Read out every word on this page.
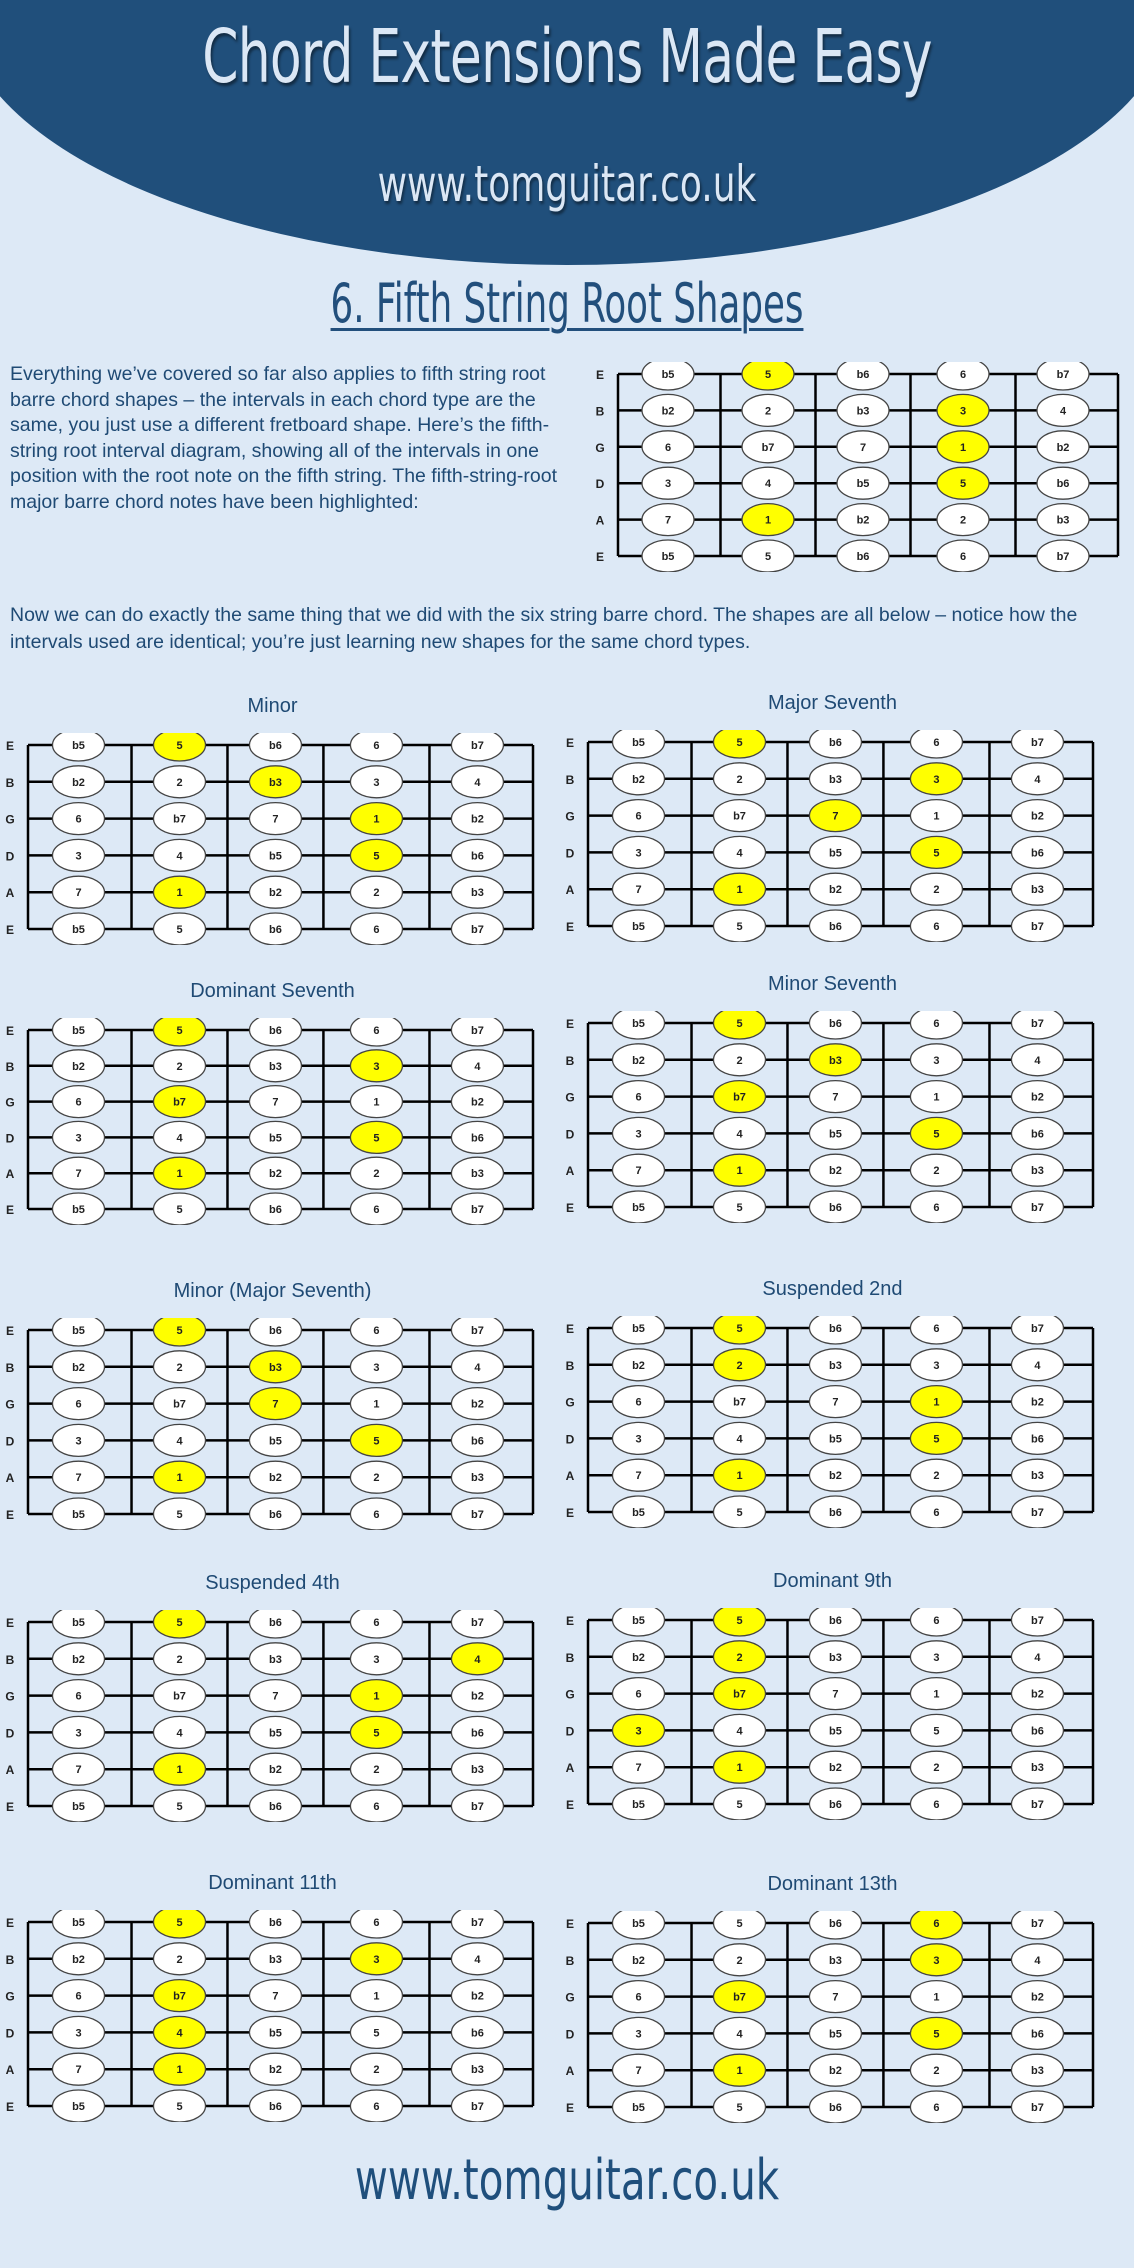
Chord Extensions Made Easy
www.tomguitar.co.uk
6. Fifth String Root Shapes
Everything we’ve covered so far also applies to fifth string root barre chord shapes – the intervals in each chord type are the same, you just use a different fretboard shape. Here’s the fifth-string root interval diagram, showing all of the intervals in one position with the root note on the fifth string. The fifth-string-root major barre chord notes have been highlighted:
Now we can do exactly the same thing that we did with the six string barre chord. The shapes are all below – notice how the intervals used are identical; you’re just learning new shapes for the same chord types.
E
B
G
D
A
E
b5	5	b6	6	b7
b2	2	b3	3	4
6	b7	7	1	b2
3	4	b5	5	b6
7	1	b2	2	b3
b5	5	b6	6	b7
Minor
E
B
G
D
A
E
b5	5	b6	6	b7
b2	2	b3	3	4
6	b7	7	1	b2
3	4	b5	5	b6
7	1	b2	2	b3
b5	5	b6	6	b7
Major Seventh
E
B
G
D
A
E
b5	5	b6	6	b7
b2	2	b3	3	4
6	b7	7	1	b2
3	4	b5	5	b6
7	1	b2	2	b3
b5	5	b6	6	b7
Dominant Seventh
E
B
G
D
A
E
b5	5	b6	6	b7
b2	2	b3	3	4
6	b7	7	1	b2
3	4	b5	5	b6
7	1	b2	2	b3
b5	5	b6	6	b7
Minor Seventh
E
B
G
D
A
E
b5	5	b6	6	b7
b2	2	b3	3	4
6	b7	7	1	b2
3	4	b5	5	b6
7	1	b2	2	b3
b5	5	b6	6	b7
Minor (Major Seventh)
E
B
G
D
A
E
b5	5	b6	6	b7
b2	2	b3	3	4
6	b7	7	1	b2
3	4	b5	5	b6
7	1	b2	2	b3
b5	5	b6	6	b7
Suspended 2nd
E
B
G
D
A
E
b5	5	b6	6	b7
b2	2	b3	3	4
6	b7	7	1	b2
3	4	b5	5	b6
7	1	b2	2	b3
b5	5	b6	6	b7
Suspended 4th
E
B
G
D
A
E
b5	5	b6	6	b7
b2	2	b3	3	4
6	b7	7	1	b2
3	4	b5	5	b6
7	1	b2	2	b3
b5	5	b6	6	b7
Dominant 9th
E
B
G
D
A
E
b5	5	b6	6	b7
b2	2	b3	3	4
6	b7	7	1	b2
3	4	b5	5	b6
7	1	b2	2	b3
b5	5	b6	6	b7
Dominant 11th
E
B
G
D
A
E
b5	5	b6	6	b7
b2	2	b3	3	4
6	b7	7	1	b2
3	4	b5	5	b6
7	1	b2	2	b3
b5	5	b6	6	b7
Dominant 13th
E
B
G
D
A
E
b5	5	b6	6	b7
b2	2	b3	3	4
6	b7	7	1	b2
3	4	b5	5	b6
7	1	b2	2	b3
b5	5	b6	6	b7
www.tomguitar.co.uk
